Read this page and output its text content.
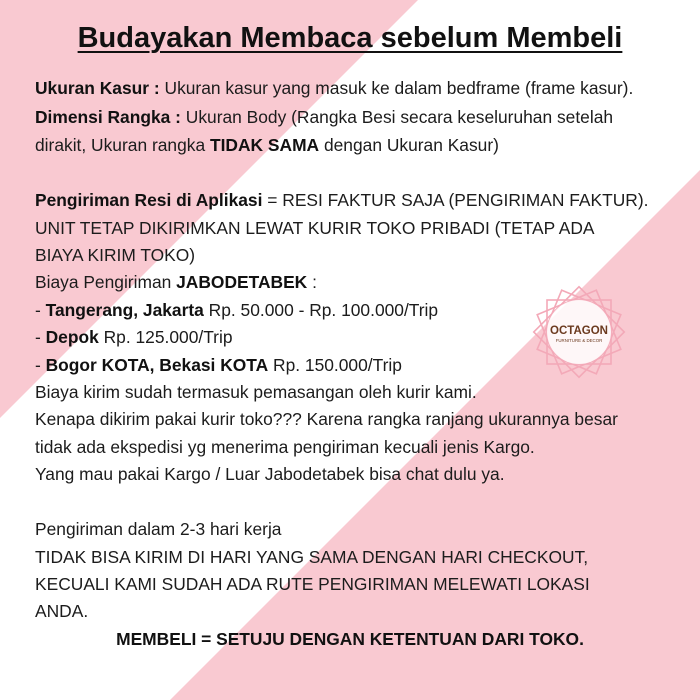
Budayakan Membaca sebelum Membeli
Ukuran Kasur : Ukuran kasur yang masuk ke dalam bedframe (frame kasur).
Dimensi Rangka : Ukuran Body (Rangka Besi secara keseluruhan setelah
dirakit, Ukuran rangka TIDAK SAMA dengan Ukuran Kasur)
Pengiriman Resi di Aplikasi = RESI FAKTUR SAJA (PENGIRIMAN FAKTUR).
UNIT TETAP DIKIRIMKAN LEWAT KURIR TOKO PRIBADI (TETAP ADA
BIAYA KIRIM TOKO)
Biaya Pengiriman JABODETABEK :
- Tangerang, Jakarta Rp. 50.000 - Rp. 100.000/Trip
- Depok Rp. 125.000/Trip
- Bogor KOTA, Bekasi KOTA Rp. 150.000/Trip
Biaya kirim sudah termasuk pemasangan oleh kurir kami.
Kenapa dikirim pakai kurir toko??? Karena rangka ranjang ukurannya besar
tidak ada ekspedisi yg menerima pengiriman kecuali jenis Kargo.
Yang mau pakai Kargo / Luar Jabodetabek bisa chat dulu ya.
Pengiriman dalam 2-3 hari kerja
TIDAK BISA KIRIM DI HARI YANG SAMA DENGAN HARI CHECKOUT,
KECUALI KAMI SUDAH ADA RUTE PENGIRIMAN MELEWATI LOKASI
ANDA.
MEMBELI = SETUJU DENGAN KETENTUAN DARI TOKO.
OCTAGON
FURNITURE & DECOR
